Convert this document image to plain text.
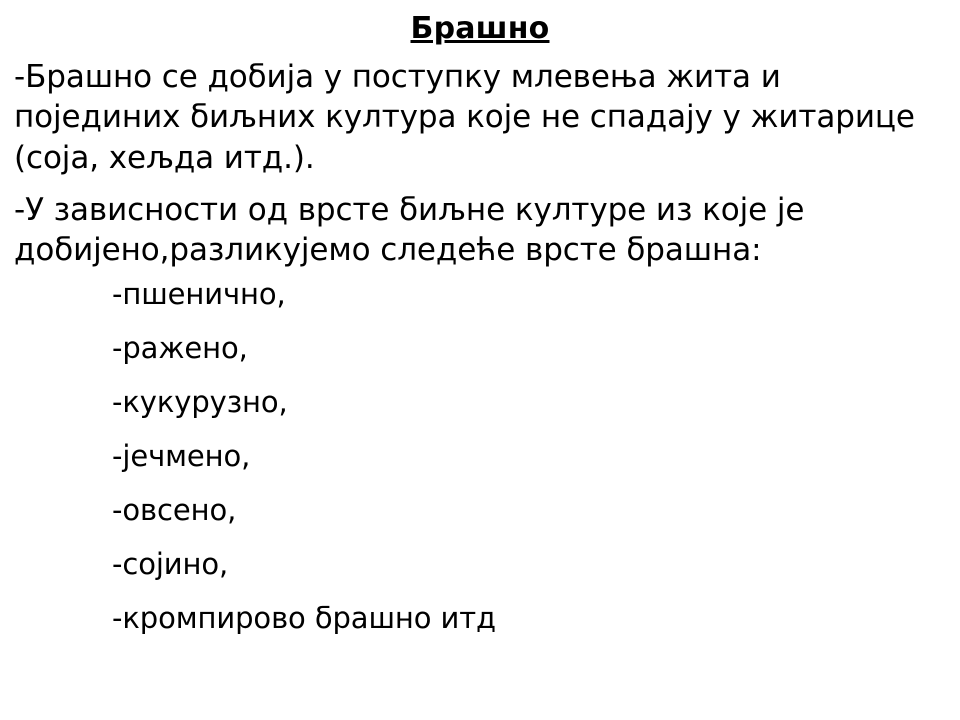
Брашно

-Брашно се добија у поступку млевења жита и појединих биљних култура које не спадају у житарице (соја, хељда итд.).

-У зависности од врсте биљне културе из које је добијено,разликујемо следеће врсте брашна:

-пшенично,
-ражено,
-кукурузно,
-јечмено,
-овсено,
-сојино,
-кромпирово брашно итд
